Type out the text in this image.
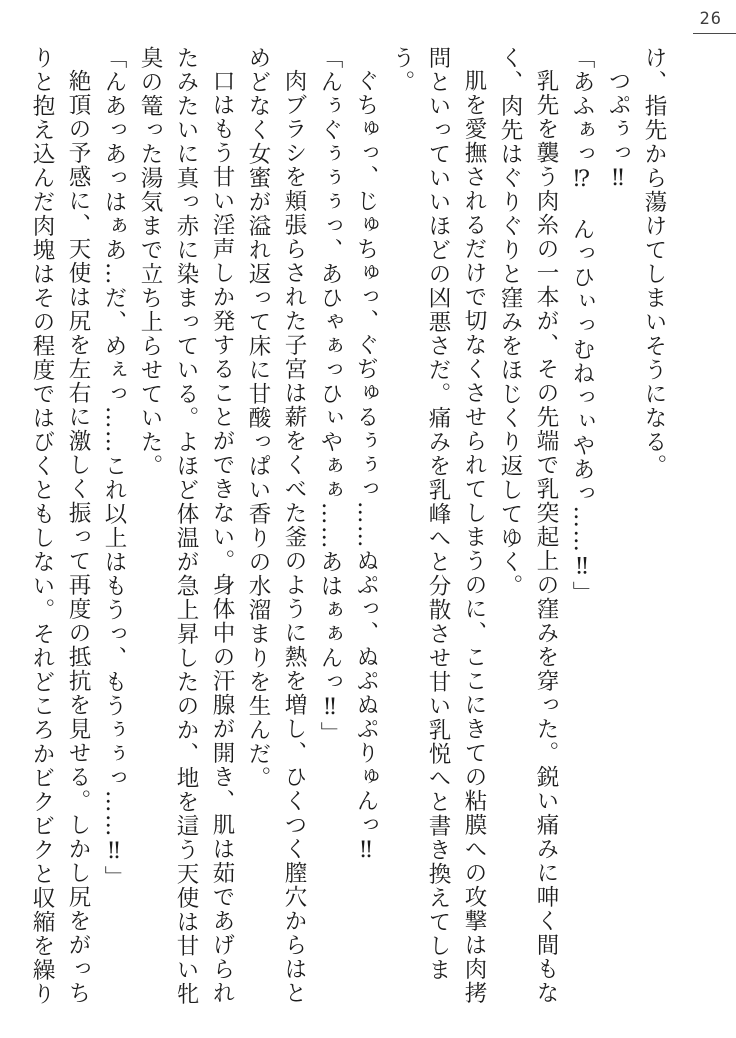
26

け、指先から蕩けてしまいそうになる。

つぷぅっ‼

「あふぁっ⁉　んっひぃっむねっぃやあっ……‼」

乳先を襲う肉糸の一本が、その先端で乳突起上の窪みを穿った。鋭い痛みに呻く間もなく、肉先はぐりぐりと窪みをほじくり返してゆく。

肌を愛撫されるだけで切なくさせられてしまうのに、ここにきての粘膜への攻撃は肉拷問といっていいほどの凶悪さだ。痛みを乳峰へと分散させ甘い乳悦へと書き換えてしまう。

ぐちゅっ、じゅちゅっ、ぐぢゅるぅぅっ……ぬぷっ、ぬぷぬぷりゅんっ‼

「んぅぐぅぅぅっ、あひゃぁっひぃやぁぁ……あはぁぁんっ‼」

肉ブラシを頬張らされた子宮は薪をくべた釜のように熱を増し、ひくつく膣穴からはとめどなく女蜜が溢れ返って床に甘酸っぱい香りの水溜まりを生んだ。

口はもう甘い淫声しか発することができない。身体中の汗腺が開き、肌は茹であげられたみたいに真っ赤に染まっている。よほど体温が急上昇したのか、地を這う天使は甘い牝臭の篭った湯気まで立ち上らせていた。

「んあっあっはぁあ…だ、めぇっ……これ以上はもうっ、もうぅぅっ……‼」

絶頂の予感に、天使は尻を左右に激しく振って再度の抵抗を見せる。しかし尻をがっちりと抱え込んだ肉塊はその程度ではびくともしない。それどころかビクビクと収縮を繰り
